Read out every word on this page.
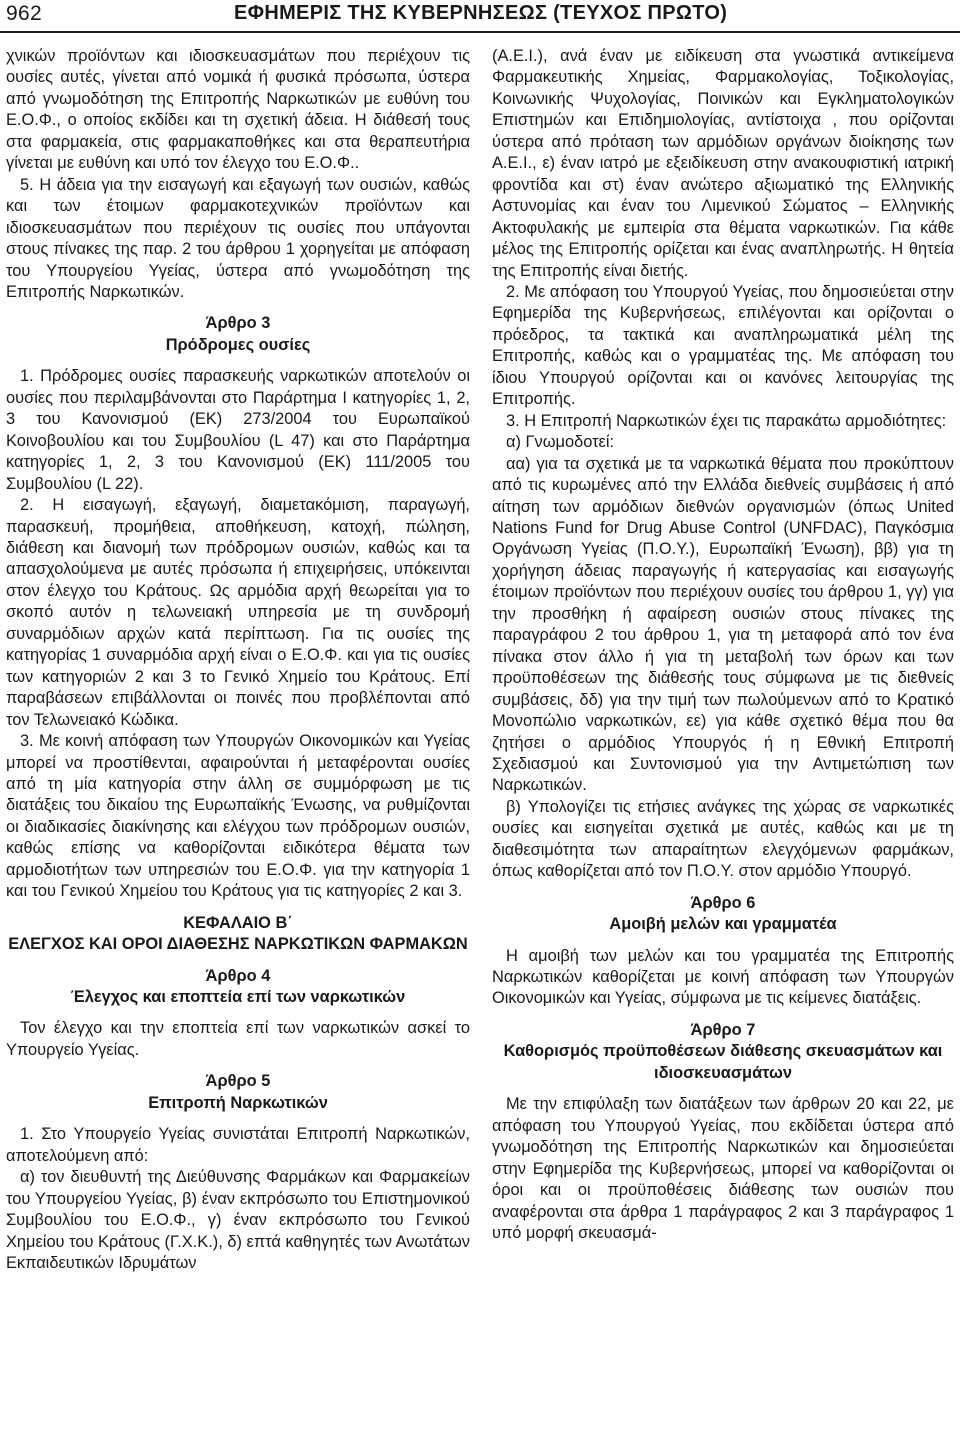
962	ΕΦΗΜΕΡΙΣ ΤΗΣ ΚΥΒΕΡΝΗΣΕΩΣ (ΤΕΥΧΟΣ ΠΡΩΤΟ)

χνικών προϊόντων και ιδιοσκευασμάτων που περιέχουν τις ουσίες αυτές, γίνεται από νομικά ή φυσικά πρόσωπα, ύστερα από γνωμοδότηση της Επιτροπής Ναρκωτικών με ευθύνη του Ε.Ο.Φ., ο οποίος εκδίδει και τη σχετική άδεια. Η διάθεσή τους στα φαρμακεία, στις φαρμακαποθήκες και στα θεραπευτήρια γίνεται με ευθύνη και υπό τον έλεγχο του Ε.Ο.Φ..

5. Η άδεια για την εισαγωγή και εξαγωγή των ουσιών, καθώς και των έτοιμων φαρμακοτεχνικών προϊόντων και ιδιοσκευασμάτων που περιέχουν τις ουσίες που υπάγονται στους πίνακες της παρ. 2 του άρθρου 1 χορηγείται με απόφαση του Υπουργείου Υγείας, ύστερα από γνωμοδότηση της Επιτροπής Ναρκωτικών.

Άρθρο 3

Πρόδρομες ουσίες

1. Πρόδρομες ουσίες παρασκευής ναρκωτικών αποτελούν οι ουσίες που περιλαμβάνονται στο Παράρτημα Ι κατηγορίες 1, 2, 3 του Κανονισμού (ΕΚ) 273/2004 του Ευρωπαϊκού Κοινοβουλίου και του Συμβουλίου (L 47) και στο Παράρτημα κατηγορίες 1, 2, 3 του Κανονισμού (ΕΚ) 111/2005 του Συμβουλίου (L 22).

2. Η εισαγωγή, εξαγωγή, διαμετακόμιση, παραγωγή, παρασκευή, προμήθεια, αποθήκευση, κατοχή, πώληση, διάθεση και διανομή των πρόδρομων ουσιών, καθώς και τα απασχολούμενα με αυτές πρόσωπα ή επιχειρήσεις, υπόκεινται στον έλεγχο του Κράτους. Ως αρμόδια αρχή θεωρείται για το σκοπό αυτόν η τελωνειακή υπηρεσία με τη συνδρομή συναρμόδιων αρχών κατά περίπτωση. Για τις ουσίες της κατηγορίας 1 συναρμόδια αρχή είναι ο Ε.Ο.Φ. και για τις ουσίες των κατηγοριών 2 και 3 το Γενικό Χημείο του Κράτους. Επί παραβάσεων επιβάλλονται οι ποινές που προβλέπονται από τον Τελωνειακό Κώδικα.

3. Με κοινή απόφαση των Υπουργών Οικονομικών και Υγείας μπορεί να προστίθενται, αφαιρούνται ή μεταφέρονται ουσίες από τη μία κατηγορία στην άλλη σε συμμόρφωση με τις διατάξεις του δικαίου της Ευρωπαϊκής Ένωσης, να ρυθμίζονται οι διαδικασίες διακίνησης και ελέγχου των πρόδρομων ουσιών, καθώς επίσης να καθορίζονται ειδικότερα θέματα των αρμοδιοτήτων των υπηρεσιών του Ε.Ο.Φ. για την κατηγορία 1 και του Γενικού Χημείου του Κράτους για τις κατηγορίες 2 και 3.

ΚΕΦΑΛΑΙΟ Β΄

ΕΛΕΓΧΟΣ ΚΑΙ ΟΡΟΙ ΔΙΑΘΕΣΗΣ ΝΑΡΚΩΤΙΚΩΝ ΦΑΡΜΑΚΩΝ

Άρθρο 4

Έλεγχος και εποπτεία επί των ναρκωτικών

Τον έλεγχο και την εποπτεία επί των ναρκωτικών ασκεί το Υπουργείο Υγείας.

Άρθρο 5

Επιτροπή Ναρκωτικών

1. Στο Υπουργείο Υγείας συνιστάται Επιτροπή Ναρκωτικών, αποτελούμενη από:

α) τον διευθυντή της Διεύθυνσης Φαρμάκων και Φαρμακείων του Υπουργείου Υγείας, β) έναν εκπρόσωπο του Επιστημονικού Συμβουλίου του Ε.Ο.Φ., γ) έναν εκπρόσωπο του Γενικού Χημείου του Κράτους (Γ.Χ.Κ.), δ) επτά καθηγητές των Ανωτάτων Εκπαιδευτικών Ιδρυμάτων

(Α.Ε.Ι.), ανά έναν με ειδίκευση στα γνωστικά αντικείμενα Φαρμακευτικής Χημείας, Φαρμακολογίας, Τοξικολογίας, Κοινωνικής Ψυχολογίας, Ποινικών και Εγκληματολογικών Επιστημών και Επιδημιολογίας, αντίστοιχα , που ορίζονται ύστερα από πρόταση των αρμόδιων οργάνων διοίκησης των Α.Ε.Ι., ε) έναν ιατρό με εξειδίκευση στην ανακουφιστική ιατρική φροντίδα και στ) έναν ανώτερο αξιωματικό της Ελληνικής Αστυνομίας και έναν του Λιμενικού Σώματος – Ελληνικής Ακτοφυλακής με εμπειρία στα θέματα ναρκωτικών. Για κάθε μέλος της Επιτροπής ορίζεται και ένας αναπληρωτής. Η θητεία της Επιτροπής είναι διετής.

2. Με απόφαση του Υπουργού Υγείας, που δημοσιεύεται στην Εφημερίδα της Κυβερνήσεως, επιλέγονται και ορίζονται ο πρόεδρος, τα τακτικά και αναπληρωματικά μέλη της Επιτροπής, καθώς και ο γραμματέας της. Με απόφαση του ίδιου Υπουργού ορίζονται και οι κανόνες λειτουργίας της Επιτροπής.

3. Η Επιτροπή Ναρκωτικών έχει τις παρακάτω αρμοδιότητες:

α) Γνωμοδοτεί:

αα) για τα σχετικά με τα ναρκωτικά θέματα που προκύπτουν από τις κυρωμένες από την Ελλάδα διεθνείς συμβάσεις ή από αίτηση των αρμόδιων διεθνών οργανισμών (όπως United Nations Fund for Drug Abuse Control (UNFDAC), Παγκόσμια Οργάνωση Υγείας (Π.Ο.Υ.), Ευρωπαϊκή Ένωση), ββ) για τη χορήγηση άδειας παραγωγής ή κατεργασίας και εισαγωγής έτοιμων προϊόντων που περιέχουν ουσίες του άρθρου 1, γγ) για την προσθήκη ή αφαίρεση ουσιών στους πίνακες της παραγράφου 2 του άρθρου 1, για τη μεταφορά από τον ένα πίνακα στον άλλο ή για τη μεταβολή των όρων και των προϋποθέσεων της διάθεσής τους σύμφωνα με τις διεθνείς συμβάσεις, δδ) για την τιμή των πωλούμενων από το Κρατικό Μονοπώλιο ναρκωτικών, εε) για κάθε σχετικό θέμα που θα ζητήσει ο αρμόδιος Υπουργός ή η Εθνική Επιτροπή Σχεδιασμού και Συντονισμού για την Αντιμετώπιση των Ναρκωτικών.

β) Υπολογίζει τις ετήσιες ανάγκες της χώρας σε ναρκωτικές ουσίες και εισηγείται σχετικά με αυτές, καθώς και με τη διαθεσιμότητα των απαραίτητων ελεγχόμενων φαρμάκων, όπως καθορίζεται από τον Π.Ο.Υ. στον αρμόδιο Υπουργό.

Άρθρο 6

Αμοιβή μελών και γραμματέα

Η αμοιβή των μελών και του γραμματέα της Επιτροπής Ναρκωτικών καθορίζεται με κοινή απόφαση των Υπουργών Οικονομικών και Υγείας, σύμφωνα με τις κείμενες διατάξεις.

Άρθρο 7

Καθορισμός προϋποθέσεων διάθεσης σκευασμάτων και ιδιοσκευασμάτων

Με την επιφύλαξη των διατάξεων των άρθρων 20 και 22, με απόφαση του Υπουργού Υγείας, που εκδίδεται ύστερα από γνωμοδότηση της Επιτροπής Ναρκωτικών και δημοσιεύεται στην Εφημερίδα της Κυβερνήσεως, μπορεί να καθορίζονται οι όροι και οι προϋποθέσεις διάθεσης των ουσιών που αναφέρονται στα άρθρα 1 παράγραφος 2 και 3 παράγραφος 1 υπό μορφή σκευασμά-
